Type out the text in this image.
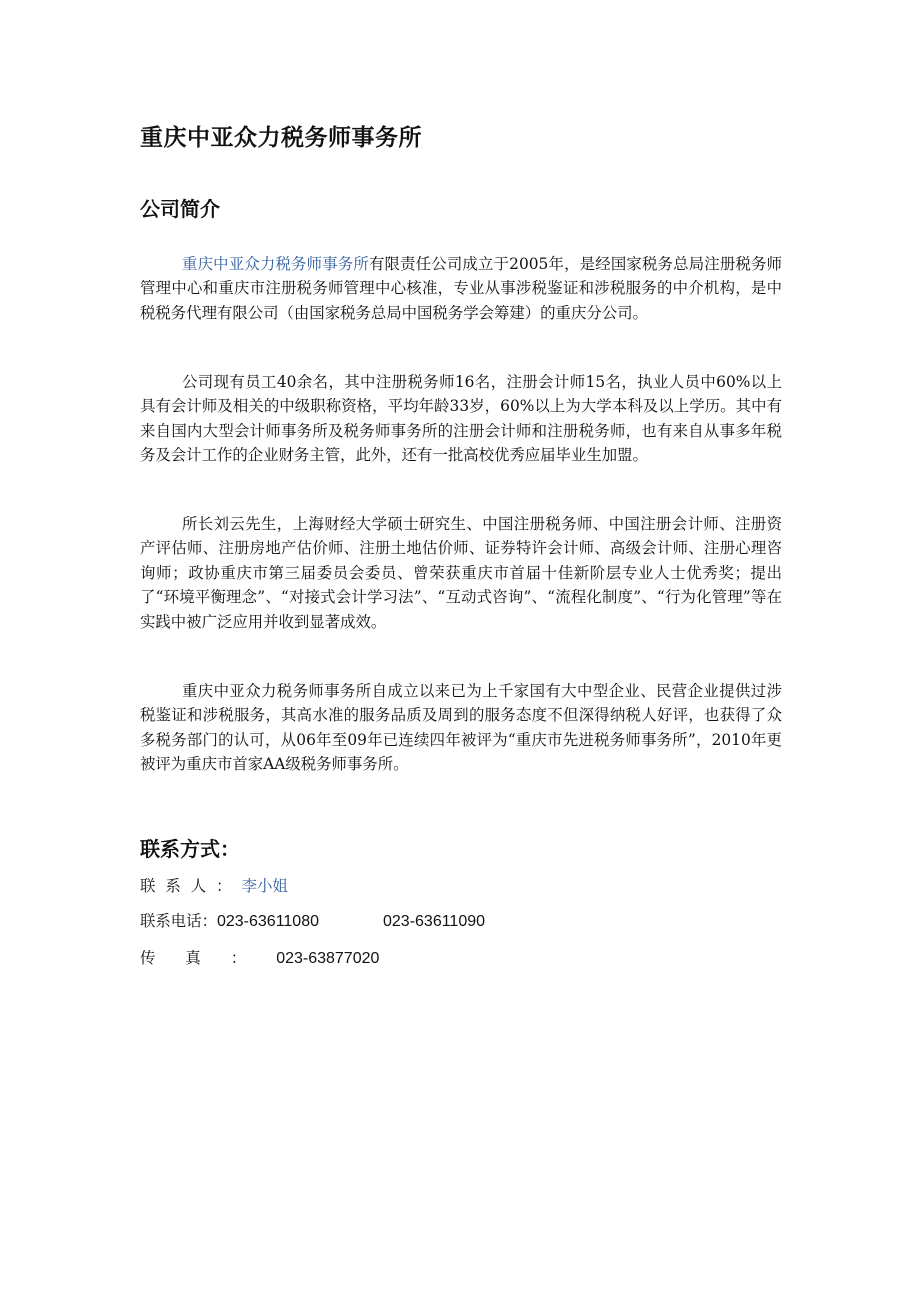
重庆中亚众力税务师事务所
公司简介

重庆中亚众力税务师事务所有限责任公司成立于2005年，是经国家税务总局注册税务师管理中心和重庆市注册税务师管理中心核准，专业从事涉税鉴证和涉税服务的中介机构，是中税税务代理有限公司（由国家税务总局中国税务学会筹建）的重庆分公司。

公司现有员工40余名，其中注册税务师16名，注册会计师15名，执业人员中60%以上具有会计师及相关的中级职称资格，平均年龄33岁，60%以上为大学本科及以上学历。其中有来自国内大型会计师事务所及税务师事务所的注册会计师和注册税务师，也有来自从事多年税务及会计工作的企业财务主管，此外，还有一批高校优秀应届毕业生加盟。

所长刘云先生，上海财经大学硕士研究生、中国注册税务师、中国注册会计师、注册资产评估师、注册房地产估价师、注册土地估价师、证券特许会计师、高级会计师、注册心理咨询师；政协重庆市第三届委员会委员、曾荣获重庆市首届十佳新阶层专业人士优秀奖；提出了“环境平衡理念”、“对接式会计学习法”、“互动式咨询”、“流程化制度”、“行为化管理”等在实践中被广泛应用并收到显著成效。

重庆中亚众力税务师事务所自成立以来已为上千家国有大中型企业、民营企业提供过涉税鉴证和涉税服务，其高水准的服务品质及周到的服务态度不但深得纳税人好评，也获得了众多税务部门的认可，从06年至09年已连续四年被评为“重庆市先进税务师事务所”，2010年更被评为重庆市首家AA级税务师事务所。

联系方式：
联系人：李小姐
联系电话：023-63611080	023-63611090
传真：023-63877020
